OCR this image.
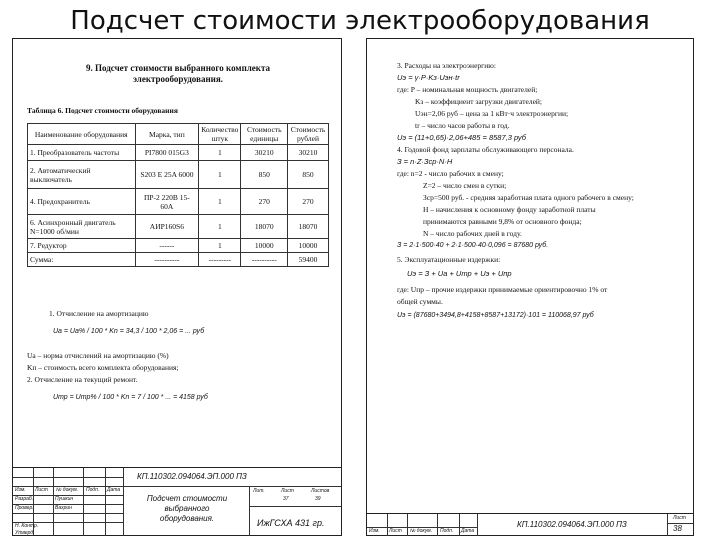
Подсчет стоимости электрооборудования
9. Подсчет стоимости выбранного комплекта
электрооборудования.
Таблица 6. Подсчет стоимости оборудования
Наименование оборудования	Марка, тип	Количество штук	Стоимость единицы	Стоимость рублей
1. Преобразователь частоты	PI7800 015G3	1	30210	30210
2. Автоматический выключатель	S203 E 25A 6000	1	850	850
4. Предохранитель	ПР-2 220В 15-60А	1	270	270
6. Асинхронный двигатель N=1000 об/мин	АИР160S6	1	18070	18070
7. Редуктор	------	1	10000	10000
Сумма:	----------	---------	----------	59400
1. Отчисление на амортизацию
Ua = Ua% / 100 * Kn = 34,3 / 100 * 2,06 = ... руб
Uа – норма отчислений на амортизацию (%)
Kп – стоимость всего комплекта оборудования;
2. Отчисление на текущий ремонт.
Uтр = Uтр% / 100 * Kn = 7 / 100 * ... = 4158 руб
КП.110302.094064.ЭП.000 ПЗ
Изм. Лист № докум. Подп. Дата
Разраб.	Пушкин
Провер.	Вахрин
Н. Контр.
Утверд.
Подсчет стоимости
выбранного
оборудования.
Лит.	Лист	Листов
37	39
ИжГСХА 431 гр.
3. Расходы на электроэнергию:
Uэ = γ·P·Kз·Uэн·tr
где: P – номинальная мощность двигателей;
Kз – коэффициент загрузки двигателей;
Uэн=2,06 руб – цена за 1 кВт·ч электроэнергии;
tr – число часов работы в год.
Uэ = (11+0,65)·2,06+485 = 8587,3 руб
4. Годовой фонд зарплаты обслуживающего персонала.
З = n·Z·Зср·N·H
где: n=2 - число рабочих в смену;
Z=2 – число смен в сутки;
Зср=500 руб. - средняя заработная плата одного рабочего в смену;
H – начисления к основному фонду заработной платы
принимаются равными 9,8% от основного фонда;
N – число рабочих дней в году.
З = 2·1·500·40 + 2·1·500·40·0,096 = 87680 руб.
5. Эксплуатационные издержки:
Uэ = З + Uа + Uтр + Uэ + Uпр
где: Uпр – прочие издержки принимаемые ориентировочно 1% от
общей суммы.
Uэ = (87680+3494,8+4158+8587+13172)·101 = 110068,97 руб
Изм. Лист № докум. Подп. Дата
КП.110302.094064.ЭП.000 ПЗ
Лист
38
